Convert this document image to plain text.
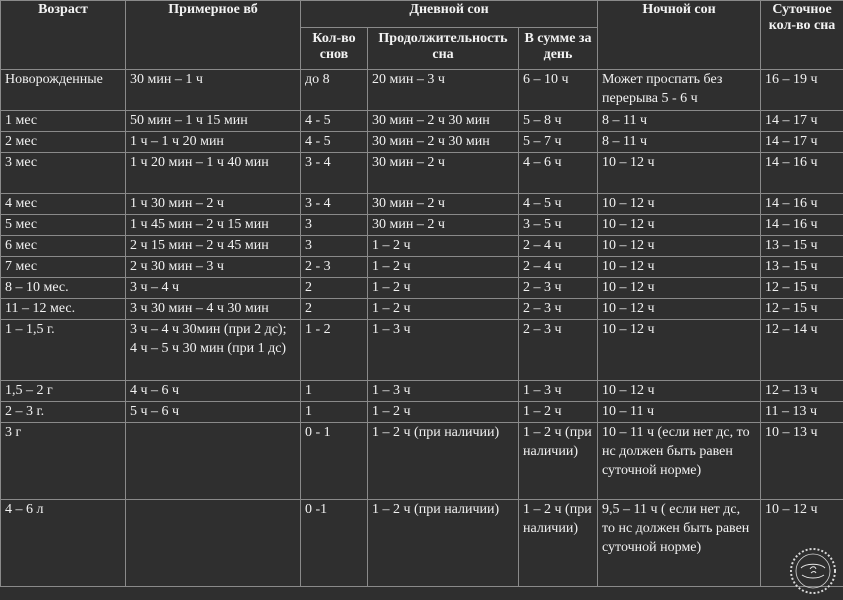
Возраст	Примерное вб	Дневной сон			Ночной сон	Суточное кол-во сна
		Кол-во снов	Продолжительность сна	В сумме за день		
Новорожденные	30 мин – 1 ч	до 8	20 мин – 3 ч	6 – 10 ч	Может проспать без перерыва 5 - 6 ч	16 – 19 ч
1 мес	50 мин – 1 ч 15 мин	4 - 5	30 мин – 2 ч 30 мин	5 – 8 ч	8 – 11 ч	14 – 17 ч
2 мес	1 ч – 1 ч 20 мин	4 - 5	30 мин – 2 ч 30 мин	5 – 7 ч	8 – 11 ч	14 – 17 ч
3 мес	1 ч 20 мин – 1 ч 40 мин	3 - 4	30 мин – 2 ч	4 – 6 ч	10 – 12 ч	14 – 16 ч
4 мес	1 ч 30 мин – 2 ч	3 - 4	30 мин – 2 ч	4 – 5 ч	10 – 12 ч	14 – 16 ч
5 мес	1 ч 45 мин – 2 ч 15 мин	3	30 мин – 2 ч	3 – 5 ч	10 – 12 ч	14 – 16 ч
6 мес	2 ч 15 мин – 2 ч 45 мин	3	1 – 2 ч	2 – 4 ч	10 – 12 ч	13 – 15 ч
7 мес	2 ч 30 мин – 3 ч	2 - 3	1 – 2 ч	2 – 4 ч	10 – 12 ч	13 – 15 ч
8 – 10 мес.	3 ч – 4 ч	2	1 – 2 ч	2 – 3 ч	10 – 12 ч	12 – 15 ч
11 – 12 мес.	3 ч 30 мин – 4 ч 30 мин	2	1 – 2 ч	2 – 3 ч	10 – 12 ч	12 – 15 ч
1 – 1,5 г.	3 ч – 4 ч 30мин (при 2 дс); 4 ч – 5 ч 30 мин (при 1 дс)	1 - 2	1 – 3 ч	2 – 3 ч	10 – 12 ч	12 – 14 ч
1,5 – 2 г	4 ч – 6 ч	1	1 – 3 ч	1 – 3 ч	10 – 12 ч	12 – 13 ч
2 – 3 г.	5 ч – 6 ч	1	1 – 2 ч	1 – 2 ч	10 – 11 ч	11 – 13 ч
3 г		0 - 1	1 – 2 ч (при наличии)	1 – 2 ч (при наличии)	10 – 11 ч (если нет дс, то нс должен быть равен суточной норме)	10 – 13 ч
4 – 6 л		0 -1	1 – 2 ч (при наличии)	1 – 2 ч (при наличии)	9,5 – 11 ч ( если нет дс, то нс должен быть равен суточной норме)	10 – 12 ч
